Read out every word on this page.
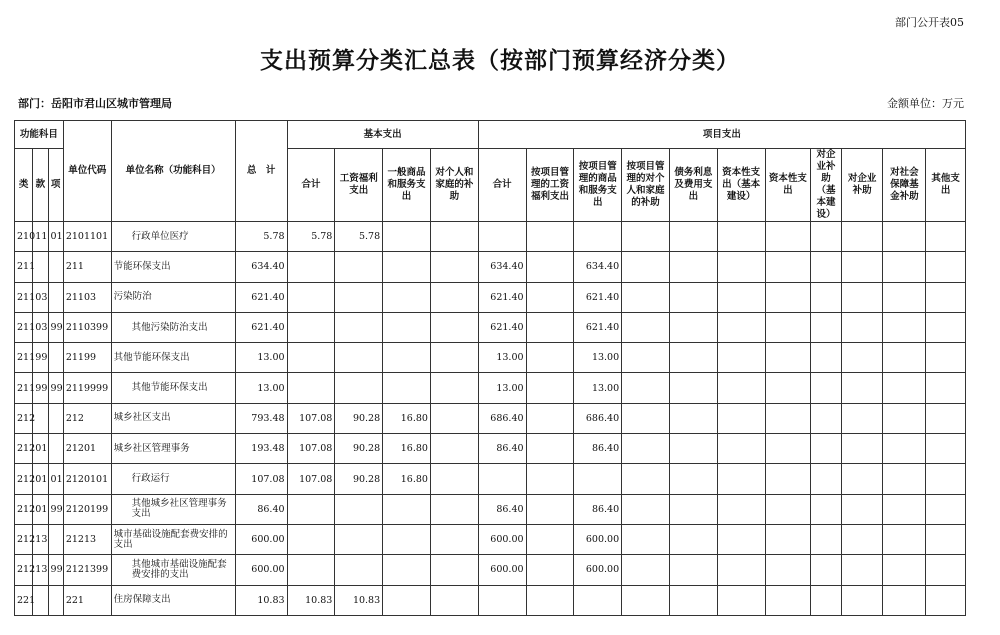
部门公开表05
支出预算分类汇总表（按部门预算经济分类）
部门：岳阳市君山区城市管理局	金额单位：万元
功能科目			单位代码	单位名称（功能科目）	总　计	基本支出				项目支出										
类	款	项				合计	工资福利支出	一般商品和服务支出	对个人和家庭的补助	合计	按项目管理的工资福利支出	按项目管理的商品和服务支出	按项目管理的对个人和家庭的补助	债务利息及费用支出	资本性支出（基本建设）	资本性支出	对企业补助（基本建设）	对企业补助	对社会保障基金补助	其他支出
210	11	01	2101101	行政单位医疗	5.78	5.78	5.78													
211			211	节能环保支出	634.40					634.40		634.40								
211	03		21103	污染防治	621.40					621.40		621.40								
211	03	99	2110399	其他污染防治支出	621.40					621.40		621.40								
211	99		21199	其他节能环保支出	13.00					13.00		13.00								
211	99	99	2119999	其他节能环保支出	13.00					13.00		13.00								
212			212	城乡社区支出	793.48	107.08	90.28	16.80		686.40		686.40								
212	01		21201	城乡社区管理事务	193.48	107.08	90.28	16.80		86.40		86.40								
212	01	01	2120101	行政运行	107.08	107.08	90.28	16.80												
212	01	99	2120199	其他城乡社区管理事务支出	86.40					86.40		86.40								
212	13		21213	城市基础设施配套费安排的支出	600.00					600.00		600.00								
212	13	99	2121399	其他城市基础设施配套费安排的支出	600.00					600.00		600.00								
221			221	住房保障支出	10.83	10.83	10.83													
